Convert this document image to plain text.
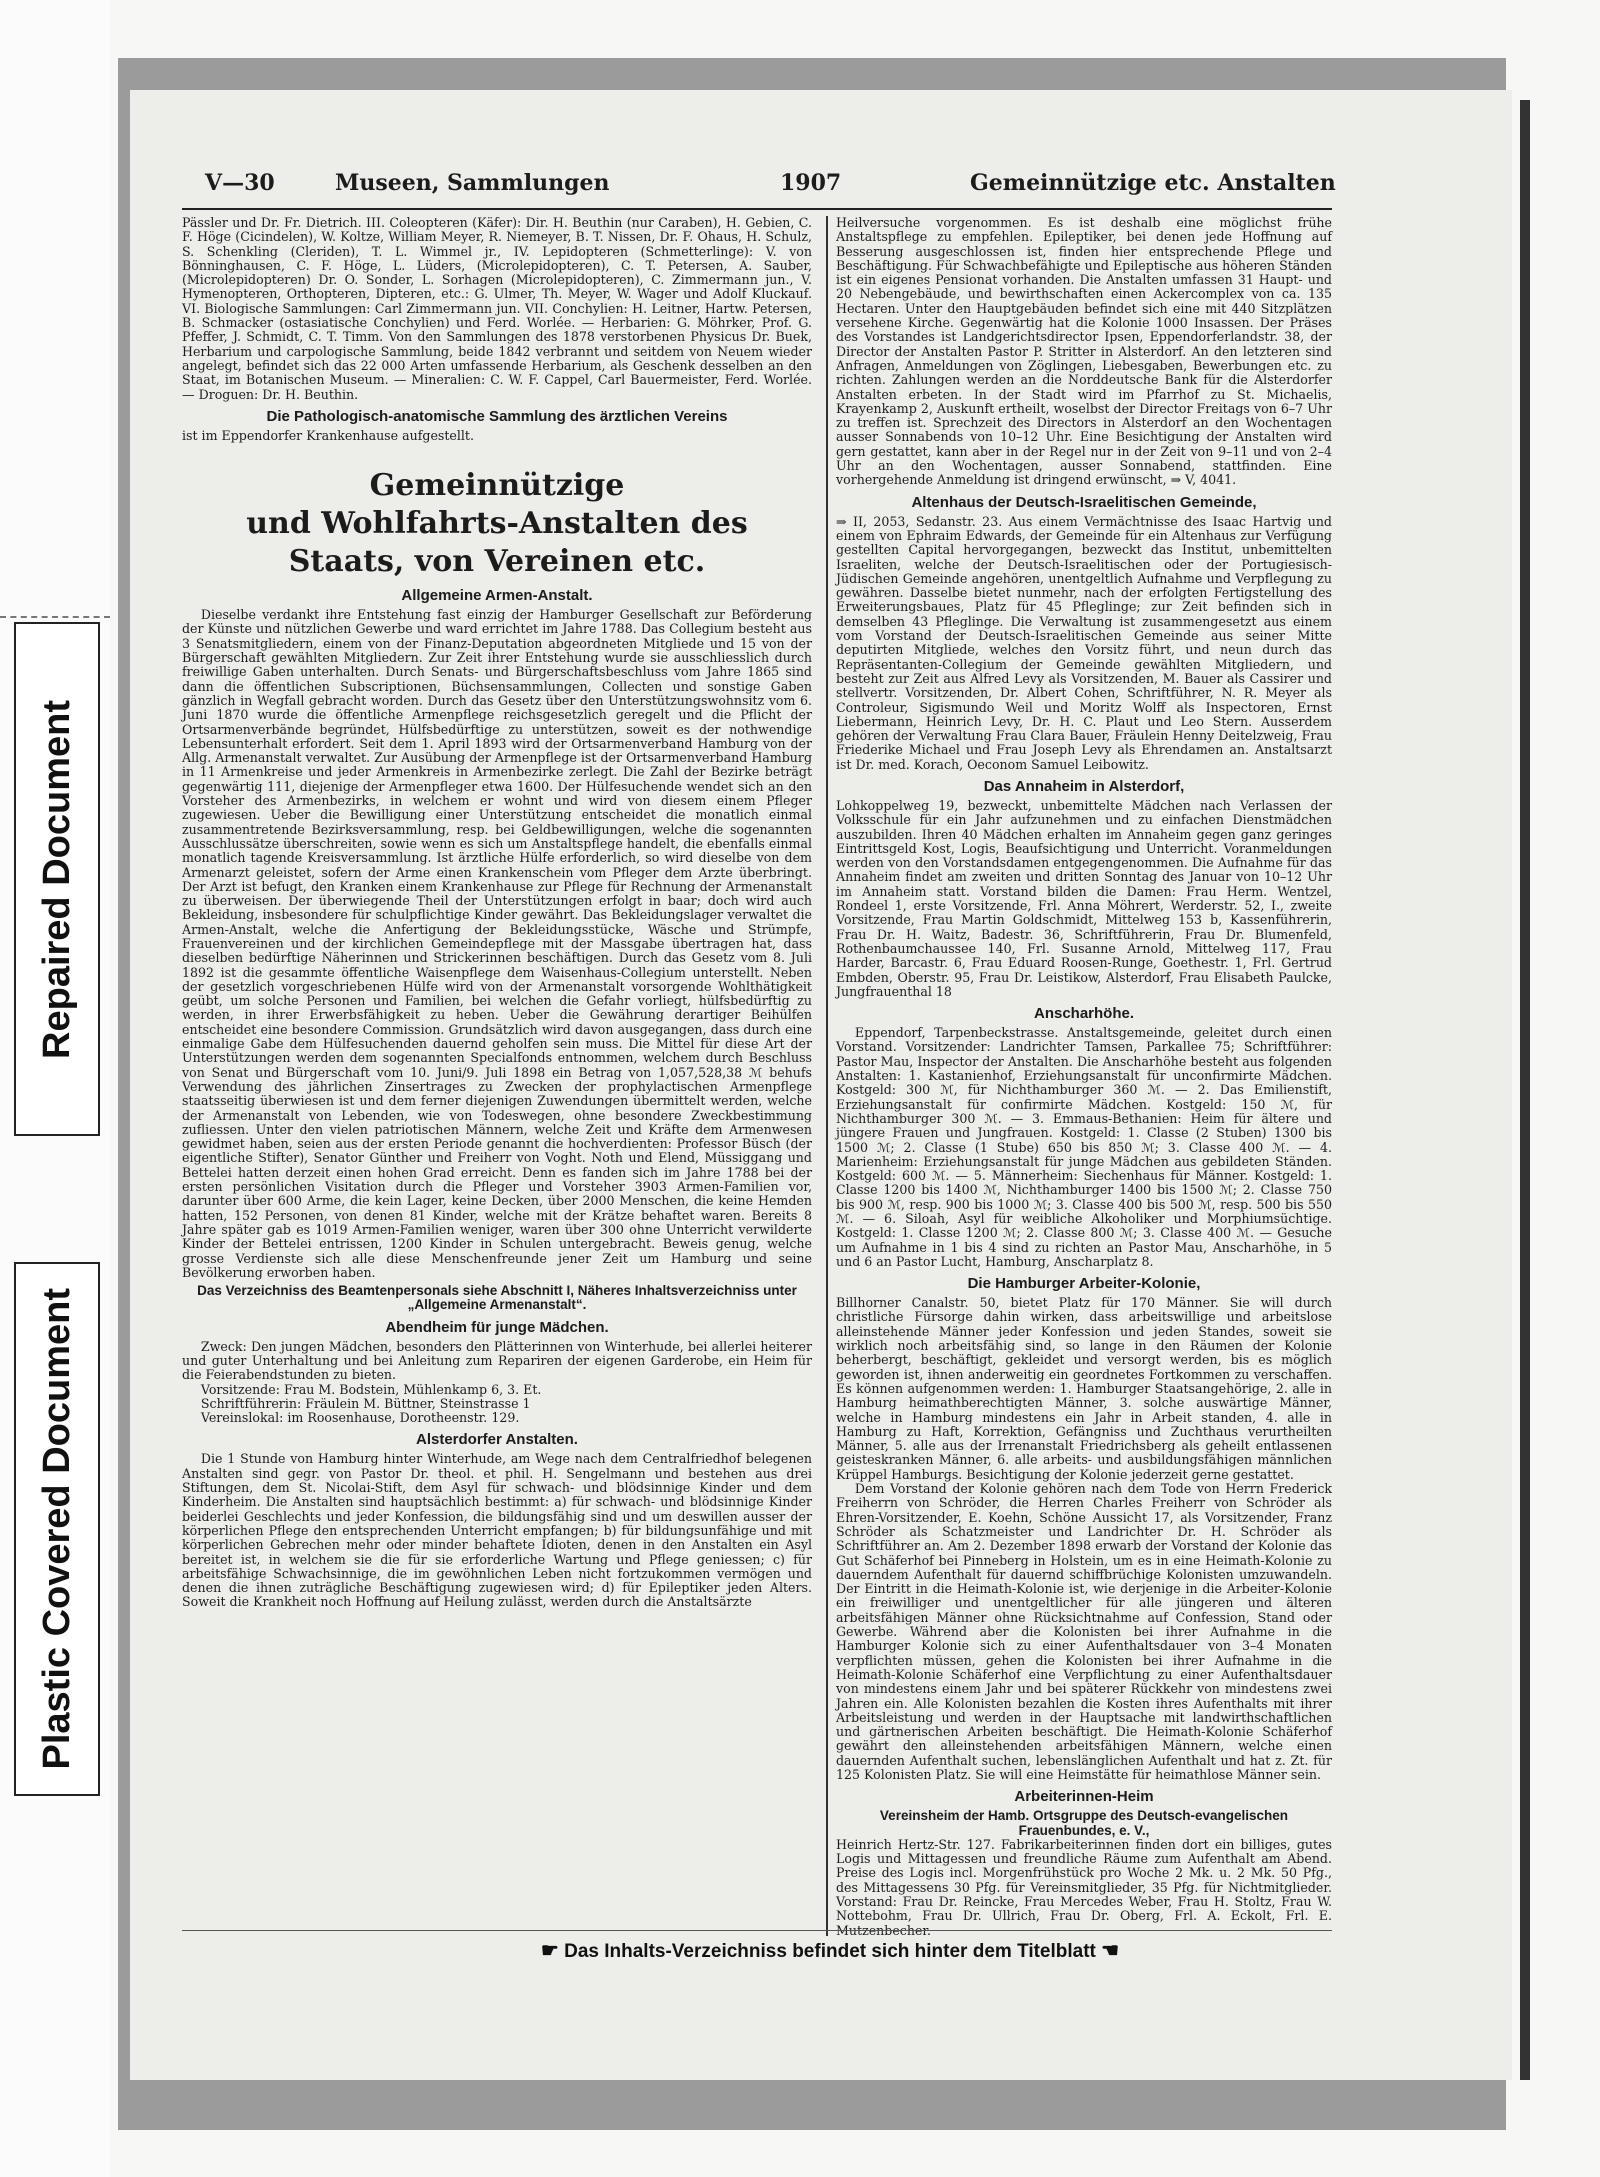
Repaired Document
Plastic Covered Document
V—30	Museen, Sammlungen	1907	Gemeinnützige etc. Anstalten

Pässler und Dr. Fr. Dietrich. III. Coleopteren (Käfer): Dir. H. Beuthin (nur Caraben), H. Gebien, C. F. Höge (Cicindelen), W. Koltze, William Meyer, R. Niemeyer, B. T. Nissen, Dr. F. Ohaus, H. Schulz, S. Schenkling (Cleriden), T. L. Wimmel jr., IV. Lepidopteren (Schmetterlinge): V. von Bönninghausen, C. F. Höge, L. Lüders, (Microlepidopteren), C. T. Petersen, A. Sauber, (Microlepidopteren) Dr. O. Sonder, L. Sorhagen (Microlepidopteren), C. Zimmermann jun., V. Hymenopteren, Orthopteren, Dipteren, etc.: G. Ulmer, Th. Meyer, W. Wager und Adolf Kluckauf. VI. Biologische Sammlungen: Carl Zimmermann jun. VII. Conchylien: H. Leitner, Hartw. Petersen, B. Schmacker (ostasiatische Conchylien) und Ferd. Worlée. — Herbarien: G. Möhrker, Prof. G. Pfeffer, J. Schmidt, C. T. Timm. Von den Sammlungen des 1878 verstorbenen Physicus Dr. Buek, Herbarium und carpologische Sammlung, beide 1842 verbrannt und seitdem von Neuem wieder angelegt, befindet sich das 22 000 Arten umfassende Herbarium, als Geschenk desselben an den Staat, im Botanischen Museum. — Mineralien: C. W. F. Cappel, Carl Bauermeister, Ferd. Worlée. — Droguen: Dr. H. Beuthin.

Die Pathologisch-anatomische Sammlung des ärztlichen Vereins

ist im Eppendorfer Krankenhause aufgestellt.

Gemeinnützige
und Wohlfahrts-Anstalten des
Staats, von Vereinen etc.
Allgemeine Armen-Anstalt.

Dieselbe verdankt ihre Entstehung fast einzig der Hamburger Gesellschaft zur Beförderung der Künste und nützlichen Gewerbe und ward errichtet im Jahre 1788. Das Collegium besteht aus 3 Senatsmitgliedern, einem von der Finanz-Deputation abgeordneten Mitgliede und 15 von der Bürgerschaft gewählten Mitgliedern. Zur Zeit ihrer Entstehung wurde sie ausschliesslich durch freiwillige Gaben unterhalten. Durch Senats- und Bürgerschaftsbeschluss vom Jahre 1865 sind dann die öffentlichen Subscriptionen, Büchsensammlungen, Collecten und sonstige Gaben gänzlich in Wegfall gebracht worden. Durch das Gesetz über den Unterstützungswohnsitz vom 6. Juni 1870 wurde die öffentliche Armenpflege reichsgesetzlich geregelt und die Pflicht der Ortsarmenverbände begründet, Hülfsbedürftige zu unterstützen, soweit es der nothwendige Lebensunterhalt erfordert. Seit dem 1. April 1893 wird der Ortsarmenverband Hamburg von der Allg. Armenanstalt verwaltet. Zur Ausübung der Armenpflege ist der Ortsarmenverband Hamburg in 11 Armenkreise und jeder Armenkreis in Armenbezirke zerlegt. Die Zahl der Bezirke beträgt gegenwärtig 111, diejenige der Armenpfleger etwa 1600. Der Hülfesuchende wendet sich an den Vorsteher des Armenbezirks, in welchem er wohnt und wird von diesem einem Pfleger zugewiesen. Ueber die Bewilligung einer Unterstützung entscheidet die monatlich einmal zusammentretende Bezirksversammlung, resp. bei Geldbewilligungen, welche die sogenannten Ausschlussätze überschreiten, sowie wenn es sich um Anstaltspflege handelt, die ebenfalls einmal monatlich tagende Kreisversammlung. Ist ärztliche Hülfe erforderlich, so wird dieselbe von dem Armenarzt geleistet, sofern der Arme einen Krankenschein vom Pfleger dem Arzte überbringt. Der Arzt ist befugt, den Kranken einem Krankenhause zur Pflege für Rechnung der Armenanstalt zu überweisen. Der überwiegende Theil der Unterstützungen erfolgt in baar; doch wird auch Bekleidung, insbesondere für schulpflichtige Kinder gewährt. Das Bekleidungslager verwaltet die Armen-Anstalt, welche die Anfertigung der Bekleidungsstücke, Wäsche und Strümpfe, Frauenvereinen und der kirchlichen Gemeindepflege mit der Massgabe übertragen hat, dass dieselben bedürftige Näherinnen und Strickerinnen beschäftigen. Durch das Gesetz vom 8. Juli 1892 ist die gesammte öffentliche Waisenpflege dem Waisenhaus-Collegium unterstellt. Neben der gesetzlich vorgeschriebenen Hülfe wird von der Armenanstalt vorsorgende Wohlthätigkeit geübt, um solche Personen und Familien, bei welchen die Gefahr vorliegt, hülfsbedürftig zu werden, in ihrer Erwerbsfähigkeit zu heben. Ueber die Gewährung derartiger Beihülfen entscheidet eine besondere Commission. Grundsätzlich wird davon ausgegangen, dass durch eine einmalige Gabe dem Hülfesuchenden dauernd geholfen sein muss. Die Mittel für diese Art der Unterstützungen werden dem sogenannten Specialfonds entnommen, welchem durch Beschluss von Senat und Bürgerschaft vom 10. Juni/9. Juli 1898 ein Betrag von 1,057,528,38 ℳ behufs Verwendung des jährlichen Zinsertrages zu Zwecken der prophylactischen Armenpflege staatsseitig überwiesen ist und dem ferner diejenigen Zuwendungen übermittelt werden, welche der Armenanstalt von Lebenden, wie von Todeswegen, ohne besondere Zweckbestimmung zufliessen. Unter den vielen patriotischen Männern, welche Zeit und Kräfte dem Armenwesen gewidmet haben, seien aus der ersten Periode genannt die hochverdienten: Professor Büsch (der eigentliche Stifter), Senator Günther und Freiherr von Voght. Noth und Elend, Müssiggang und Bettelei hatten derzeit einen hohen Grad erreicht. Denn es fanden sich im Jahre 1788 bei der ersten persönlichen Visitation durch die Pfleger und Vorsteher 3903 Armen-Familien vor, darunter über 600 Arme, die kein Lager, keine Decken, über 2000 Menschen, die keine Hemden hatten, 152 Personen, von denen 81 Kinder, welche mit der Krätze behaftet waren. Bereits 8 Jahre später gab es 1019 Armen-Familien weniger, waren über 300 ohne Unterricht verwilderte Kinder der Bettelei entrissen, 1200 Kinder in Schulen untergebracht. Beweis genug, welche grosse Verdienste sich alle diese Menschenfreunde jener Zeit um Hamburg und seine Bevölkerung erworben haben.

Das Verzeichniss des Beamtenpersonals siehe Abschnitt I, Näheres Inhaltsverzeichniss unter „Allgemeine Armenanstalt“.

Abendheim für junge Mädchen.

Zweck: Den jungen Mädchen, besonders den Plätterinnen von Winterhude, bei allerlei heiterer und guter Unterhaltung und bei Anleitung zum Repariren der eigenen Garderobe, ein Heim für die Feierabendstunden zu bieten.

Vorsitzende: Frau M. Bodstein, Mühlenkamp 6, 3. Et.

Schriftführerin: Fräulein M. Büttner, Steinstrasse 1

Vereinslokal: im Roosenhause, Dorotheenstr. 129.

Alsterdorfer Anstalten.

Die 1 Stunde von Hamburg hinter Winterhude, am Wege nach dem Centralfriedhof belegenen Anstalten sind gegr. von Pastor Dr. theol. et phil. H. Sengelmann und bestehen aus drei Stiftungen, dem St. Nicolai-Stift, dem Asyl für schwach- und blödsinnige Kinder und dem Kinderheim. Die Anstalten sind hauptsächlich bestimmt: a) für schwach- und blödsinnige Kinder beiderlei Geschlechts und jeder Konfession, die bildungsfähig sind und um deswillen ausser der körperlichen Pflege den entsprechenden Unterricht empfangen; b) für bildungsunfähige und mit körperlichen Gebrechen mehr oder minder behaftete Idioten, denen in den Anstalten ein Asyl bereitet ist, in welchem sie die für sie erforderliche Wartung und Pflege geniessen; c) für arbeitsfähige Schwachsinnige, die im gewöhnlichen Leben nicht fortzukommen vermögen und denen die ihnen zuträgliche Beschäftigung zugewiesen wird; d) für Epileptiker jeden Alters. Soweit die Krankheit noch Hoffnung auf Heilung zulässt, werden durch die Anstaltsärzte

Heilversuche vorgenommen. Es ist deshalb eine möglichst frühe Anstaltspflege zu empfehlen. Epileptiker, bei denen jede Hoffnung auf Besserung ausgeschlossen ist, finden hier entsprechende Pflege und Beschäftigung. Für Schwachbefähigte und Epileptische aus höheren Ständen ist ein eigenes Pensionat vorhanden. Die Anstalten umfassen 31 Haupt- und 20 Nebengebäude, und bewirthschaften einen Ackercomplex von ca. 135 Hectaren. Unter den Hauptgebäuden befindet sich eine mit 440 Sitzplätzen versehene Kirche. Gegenwärtig hat die Kolonie 1000 Insassen. Der Präses des Vorstandes ist Landgerichtsdirector Ipsen, Eppendorferlandstr. 38, der Director der Anstalten Pastor P. Stritter in Alsterdorf. An den letzteren sind Anfragen, Anmeldungen von Zöglingen, Liebesgaben, Bewerbungen etc. zu richten. Zahlungen werden an die Norddeutsche Bank für die Alsterdorfer Anstalten erbeten. In der Stadt wird im Pfarrhof zu St. Michaelis, Krayenkamp 2, Auskunft ertheilt, woselbst der Director Freitags von 6–7 Uhr zu treffen ist. Sprechzeit des Directors in Alsterdorf an den Wochentagen ausser Sonnabends von 10–12 Uhr. Eine Besichtigung der Anstalten wird gern gestattet, kann aber in der Regel nur in der Zeit von 9–11 und von 2–4 Uhr an den Wochentagen, ausser Sonnabend, stattfinden. Eine vorhergehende Anmeldung ist dringend erwünscht, ⇒ V, 4041.

Altenhaus der Deutsch-Israelitischen Gemeinde,

⇒ II, 2053, Sedanstr. 23. Aus einem Vermächtnisse des Isaac Hartvig und einem von Ephraim Edwards, der Gemeinde für ein Altenhaus zur Verfügung gestellten Capital hervorgegangen, bezweckt das Institut, unbemittelten Israeliten, welche der Deutsch-Israelitischen oder der Portugiesisch-Jüdischen Gemeinde angehören, unentgeltlich Aufnahme und Verpflegung zu gewähren. Dasselbe bietet nunmehr, nach der erfolgten Fertigstellung des Erweiterungsbaues, Platz für 45 Pfleglinge; zur Zeit befinden sich in demselben 43 Pfleglinge. Die Verwaltung ist zusammengesetzt aus einem vom Vorstand der Deutsch-Israelitischen Gemeinde aus seiner Mitte deputirten Mitgliede, welches den Vorsitz führt, und neun durch das Repräsentanten-Collegium der Gemeinde gewählten Mitgliedern, und besteht zur Zeit aus Alfred Levy als Vorsitzenden, M. Bauer als Cassirer und stellvertr. Vorsitzenden, Dr. Albert Cohen, Schriftführer, N. R. Meyer als Controleur, Sigismundo Weil und Moritz Wolff als Inspectoren, Ernst Liebermann, Heinrich Levy, Dr. H. C. Plaut und Leo Stern. Ausserdem gehören der Verwaltung Frau Clara Bauer, Fräulein Henny Deitelzweig, Frau Friederike Michael und Frau Joseph Levy als Ehrendamen an. Anstaltsarzt ist Dr. med. Korach, Oeconom Samuel Leibowitz.

Das Annaheim in Alsterdorf,

Lohkoppelweg 19, bezweckt, unbemittelte Mädchen nach Verlassen der Volksschule für ein Jahr aufzunehmen und zu einfachen Dienstmädchen auszubilden. Ihren 40 Mädchen erhalten im Annaheim gegen ganz geringes Eintrittsgeld Kost, Logis, Beaufsichtigung und Unterricht. Voranmeldungen werden von den Vorstandsdamen entgegengenommen. Die Aufnahme für das Annaheim findet am zweiten und dritten Sonntag des Januar von 10–12 Uhr im Annaheim statt. Vorstand bilden die Damen: Frau Herm. Wentzel, Rondeel 1, erste Vorsitzende, Frl. Anna Möhrert, Werderstr. 52, I., zweite Vorsitzende, Frau Martin Goldschmidt, Mittelweg 153 b, Kassenführerin, Frau Dr. H. Waitz, Badestr. 36, Schriftführerin, Frau Dr. Blumenfeld, Rothenbaumchaussee 140, Frl. Susanne Arnold, Mittelweg 117, Frau Harder, Barcastr. 6, Frau Eduard Roosen-Runge, Goethestr. 1, Frl. Gertrud Embden, Oberstr. 95, Frau Dr. Leistikow, Alsterdorf, Frau Elisabeth Paulcke, Jungfrauenthal 18

Anscharhöhe.

Eppendorf, Tarpenbeckstrasse. Anstaltsgemeinde, geleitet durch einen Vorstand. Vorsitzender: Landrichter Tamsen, Parkallee 75; Schriftführer: Pastor Mau, Inspector der Anstalten. Die Anscharhöhe besteht aus folgenden Anstalten: 1. Kastanienhof, Erziehungsanstalt für unconfirmirte Mädchen. Kostgeld: 300 ℳ, für Nichthamburger 360 ℳ. — 2. Das Emilienstift, Erziehungsanstalt für confirmirte Mädchen. Kostgeld: 150 ℳ, für Nichthamburger 300 ℳ. — 3. Emmaus-Bethanien: Heim für ältere und jüngere Frauen und Jungfrauen. Kostgeld: 1. Classe (2 Stuben) 1300 bis 1500 ℳ; 2. Classe (1 Stube) 650 bis 850 ℳ; 3. Classe 400 ℳ. — 4. Marienheim: Erziehungsanstalt für junge Mädchen aus gebildeten Ständen. Kostgeld: 600 ℳ. — 5. Männerheim: Siechenhaus für Männer. Kostgeld: 1. Classe 1200 bis 1400 ℳ, Nichthamburger 1400 bis 1500 ℳ; 2. Classe 750 bis 900 ℳ, resp. 900 bis 1000 ℳ; 3. Classe 400 bis 500 ℳ, resp. 500 bis 550 ℳ. — 6. Siloah, Asyl für weibliche Alkoholiker und Morphiumsüchtige. Kostgeld: 1. Classe 1200 ℳ; 2. Classe 800 ℳ; 3. Classe 400 ℳ. — Gesuche um Aufnahme in 1 bis 4 sind zu richten an Pastor Mau, Anscharhöhe, in 5 und 6 an Pastor Lucht, Hamburg, Anscharplatz 8.

Die Hamburger Arbeiter-Kolonie,

Billhorner Canalstr. 50, bietet Platz für 170 Männer. Sie will durch christliche Fürsorge dahin wirken, dass arbeitswillige und arbeitslose alleinstehende Männer jeder Konfession und jeden Standes, soweit sie wirklich noch arbeitsfähig sind, so lange in den Räumen der Kolonie beherbergt, beschäftigt, gekleidet und versorgt werden, bis es möglich geworden ist, ihnen anderweitig ein geordnetes Fortkommen zu verschaffen. Es können aufgenommen werden: 1. Hamburger Staatsangehörige, 2. alle in Hamburg heimathberechtigten Männer, 3. solche auswärtige Männer, welche in Hamburg mindestens ein Jahr in Arbeit standen, 4. alle in Hamburg zu Haft, Korrektion, Gefängniss und Zuchthaus verurtheilten Männer, 5. alle aus der Irrenanstalt Friedrichsberg als geheilt entlassenen geisteskranken Männer, 6. alle arbeits- und ausbildungsfähigen männlichen Krüppel Hamburgs. Besichtigung der Kolonie jederzeit gerne gestattet.

Dem Vorstand der Kolonie gehören nach dem Tode von Herrn Frederick Freiherrn von Schröder, die Herren Charles Freiherr von Schröder als Ehren-Vorsitzender, E. Koehn, Schöne Aussicht 17, als Vorsitzender, Franz Schröder als Schatzmeister und Landrichter Dr. H. Schröder als Schriftführer an. Am 2. Dezember 1898 erwarb der Vorstand der Kolonie das Gut Schäferhof bei Pinneberg in Holstein, um es in eine Heimath-Kolonie zu dauerndem Aufenthalt für dauernd schiffbrüchige Kolonisten umzuwandeln. Der Eintritt in die Heimath-Kolonie ist, wie derjenige in die Arbeiter-Kolonie ein freiwilliger und unentgeltlicher für alle jüngeren und älteren arbeitsfähigen Männer ohne Rücksichtnahme auf Confession, Stand oder Gewerbe. Während aber die Kolonisten bei ihrer Aufnahme in die Hamburger Kolonie sich zu einer Aufenthaltsdauer von 3–4 Monaten verpflichten müssen, gehen die Kolonisten bei ihrer Aufnahme in die Heimath-Kolonie Schäferhof eine Verpflichtung zu einer Aufenthaltsdauer von mindestens einem Jahr und bei späterer Rückkehr von mindestens zwei Jahren ein. Alle Kolonisten bezahlen die Kosten ihres Aufenthalts mit ihrer Arbeitsleistung und werden in der Hauptsache mit landwirthschaftlichen und gärtnerischen Arbeiten beschäftigt. Die Heimath-Kolonie Schäferhof gewährt den alleinstehenden arbeitsfähigen Männern, welche einen dauernden Aufenthalt suchen, lebenslänglichen Aufenthalt und hat z. Zt. für 125 Kolonisten Platz. Sie will eine Heimstätte für heimathlose Männer sein.

Arbeiterinnen-Heim

Vereinsheim der Hamb. Ortsgruppe des Deutsch-evangelischen Frauenbundes, e. V.,

Heinrich Hertz-Str. 127. Fabrikarbeiterinnen finden dort ein billiges, gutes Logis und Mittagessen und freundliche Räume zum Aufenthalt am Abend. Preise des Logis incl. Morgenfrühstück pro Woche 2 Mk. u. 2 Mk. 50 Pfg., des Mittagessens 30 Pfg. für Vereinsmitglieder, 35 Pfg. für Nichtmitglieder. Vorstand: Frau Dr. Reincke, Frau Mercedes Weber, Frau H. Stoltz, Frau W. Nottebohm, Frau Dr. Ullrich, Frau Dr. Oberg, Frl. A. Eckolt, Frl. E. Mutzenbecher.

☛ Das Inhalts-Verzeichniss befindet sich hinter dem Titelblatt ☚
